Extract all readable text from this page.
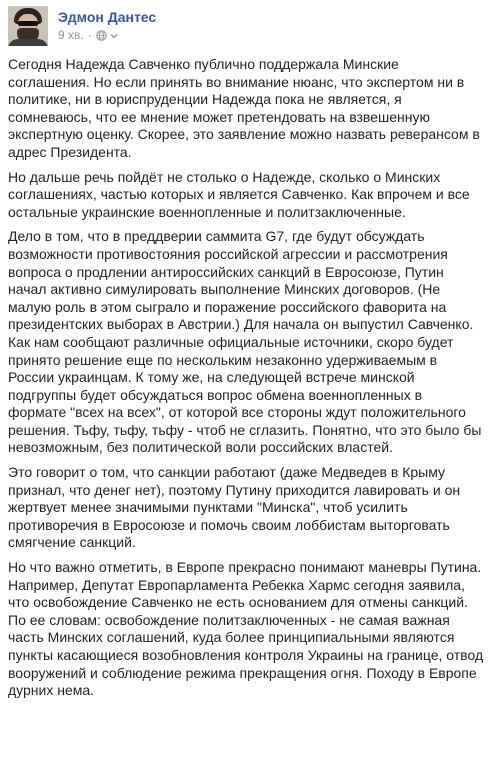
Эдмон Дантес
9 хв. ·

Сегодня Надежда Савченко публично поддержала Минские соглашения. Но если принять во внимание нюанс, что экспертом ни в политике, ни в юриспруденции Надежда пока не является, я сомневаюсь, что ее мнение может претендовать на взвешенную экспертную оценку. Скорее, это заявление можно назвать реверансом в адрес Президента.

Но дальше речь пойдёт не столько о Надежде, сколько о Минских соглашениях, частью которых и является Савченко. Как впрочем и все остальные украинские военнопленные и политзаключенные.

Дело в том, что в преддверии саммита G7, где будут обсуждать возможности противостояния российской агрессии и рассмотрения вопроса о продлении антироссийских санкций в Евросоюзе, Путин начал активно симулировать выполнение Минских договоров. (Не малую роль в этом сыграло и поражение российского фаворита на президентских выборах в Австрии.) Для начала он выпустил Савченко. Как нам сообщают различные официальные источники, скоро будет принято решение еще по нескольким незаконно удерживаемым в России украинцам. К тому же, на следующей встрече минской подгруппы будет обсуждаться вопрос обмена военнопленных в формате "всех на всех", от которой все стороны ждут положительного решения. Тьфу, тьфу, тьфу - чтоб не сглазить. Понятно, что это было бы невозможным, без политической воли российских властей.

Это говорит о том, что санкции работают (даже Медведев в Крыму признал, что денег нет), поэтому Путину приходится лавировать и он жертвует менее значимыми пунктами "Минска", чтоб усилить противоречия в Евросоюзе и помочь своим лоббистам выторговать смягчение санкций.

Но что важно отметить, в Европе прекрасно понимают маневры Путина. Например, Депутат Европарламента Ребекка Хармс сегодня заявила, что освобождение Савченко не есть основанием для отмены санкций. По ее словам: освобождение политзаключенных - не самая важная часть Минских соглашений, куда более принципиальными являются пункты касающиеся возобновления контроля Украины на границе, отвод вооружений и соблюдение режима прекращения огня. Походу в Европе дурних нема.
